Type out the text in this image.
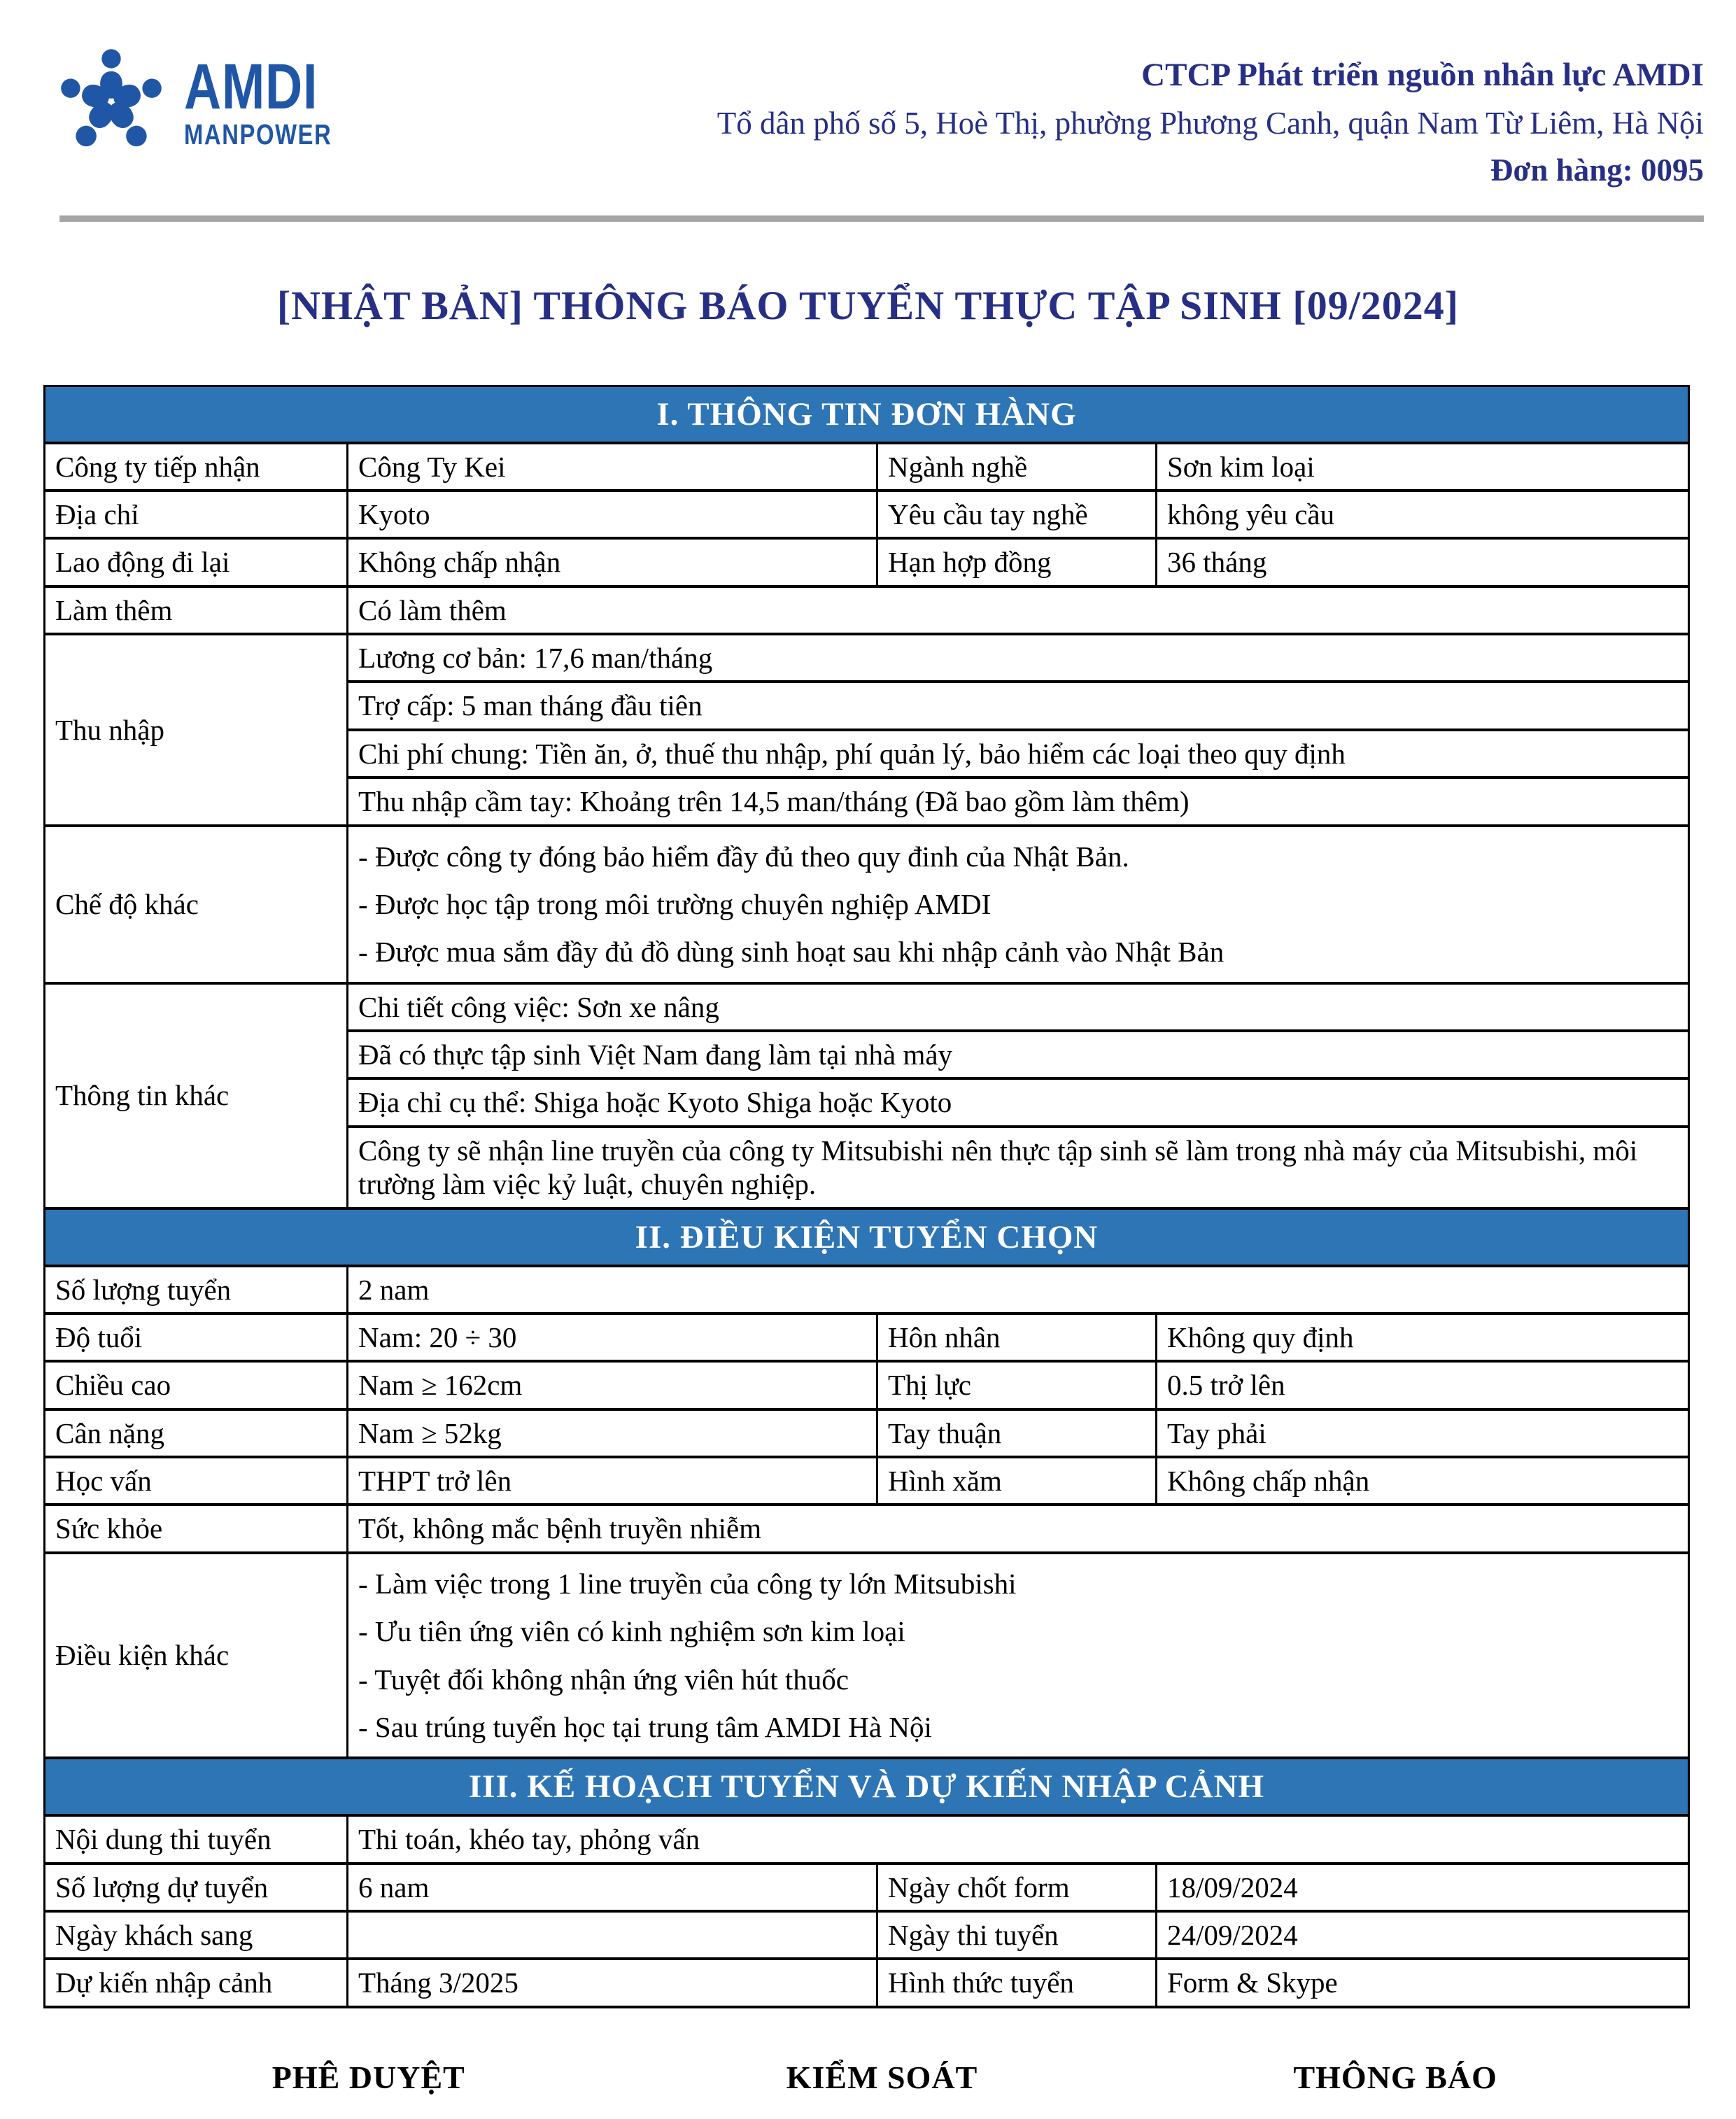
AMDI
MANPOWER
CTCP Phát triển nguồn nhân lực AMDI
Tổ dân phố số 5, Hoè Thị, phường Phương Canh, quận Nam Từ Liêm, Hà Nội
Đơn hàng: 0095
[NHẬT BẢN] THÔNG BÁO TUYỂN THỰC TẬP SINH [09/2024]
I. THÔNG TIN ĐƠN HÀNG			
Công ty tiếp nhận	Công Ty Kei	Ngành nghề	Sơn kim loại
Địa chỉ	Kyoto	Yêu cầu tay nghề	không yêu cầu
Lao động đi lại	Không chấp nhận	Hạn hợp đồng	36 tháng
Làm thêm	Có làm thêm		
Thu nhập	Lương cơ bản: 17,6 man/tháng		
	Trợ cấp: 5 man tháng đầu tiên		
	Chi phí chung: Tiền ăn, ở, thuế thu nhập, phí quản lý, bảo hiểm các loại theo quy định		
	Thu nhập cầm tay: Khoảng trên 14,5 man/tháng (Đã bao gồm làm thêm)		
Chế độ khác	- Được công ty đóng bảo hiểm đầy đủ theo quy đinh của Nhật Bản.
- Được học tập trong môi trường chuyên nghiệp AMDI
- Được mua sắm đầy đủ đồ dùng sinh hoạt sau khi nhập cảnh vào Nhật Bản		

Thông tin khác	Chi tiết công việc: Sơn xe nâng		
	Đã có thực tập sinh Việt Nam đang làm tại nhà máy		
	Địa chỉ cụ thể: Shiga hoặc Kyoto Shiga hoặc Kyoto		
	Công ty sẽ nhận line truyền của công ty Mitsubishi nên thực tập sinh sẽ làm trong nhà máy của Mitsubishi, môi trường làm việc kỷ luật, chuyên nghiệp.		
II. ĐIỀU KIỆN TUYỂN CHỌN			
Số lượng tuyển	2 nam		
Độ tuổi	Nam: 20 ÷ 30	Hôn nhân	Không quy định
Chiều cao	Nam ≥ 162cm	Thị lực	0.5 trở lên
Cân nặng	Nam ≥ 52kg	Tay thuận	Tay phải
Học vấn	THPT trở lên	Hình xăm	Không chấp nhận
Sức khỏe	Tốt, không mắc bệnh truyền nhiễm		
Điều kiện khác	- Làm việc trong 1 line truyền của công ty lớn Mitsubishi
- Ưu tiên ứng viên có kinh nghiệm sơn kim loại
- Tuyệt đối không nhận ứng viên hút thuốc
- Sau trúng tuyển học tại trung tâm AMDI Hà Nội		

III. KẾ HOẠCH TUYỂN VÀ DỰ KIẾN NHẬP CẢNH			
Nội dung thi tuyển	Thi toán, khéo tay, phỏng vấn		
Số lượng dự tuyển	6 nam	Ngày chốt form	18/09/2024
Ngày khách sang		Ngày thi tuyển	24/09/2024
Dự kiến nhập cảnh	Tháng 3/2025	Hình thức tuyển	Form & Skype
PHÊ DUYỆT	KIỂM SOÁT	THÔNG BÁO
